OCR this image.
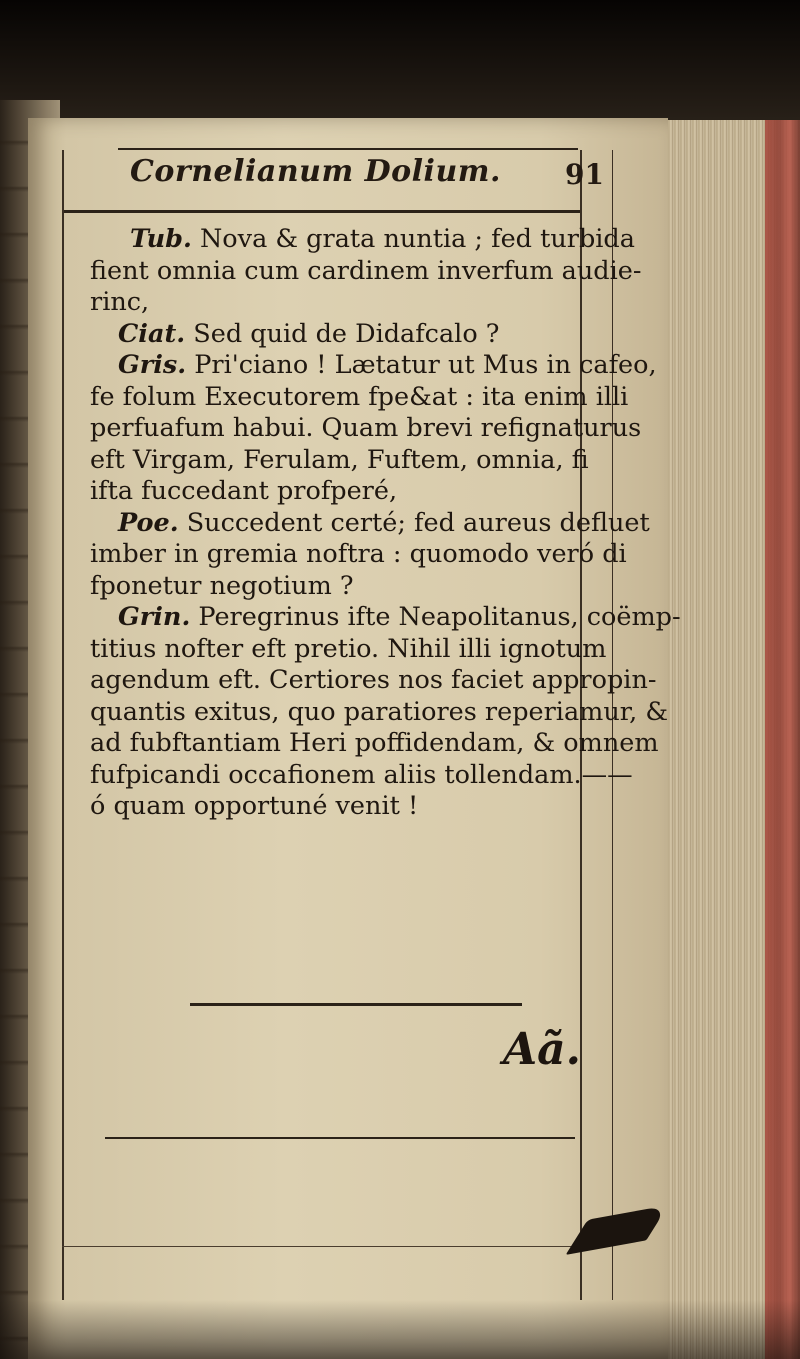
Cornelianum Dolium. 91
Tub. Nova & grata nuntia ; fed turbida
fient omnia cum cardinem inverfum audie-
rinc,
Ciat. Sed quid de Didafcalo ?
Gris. Pri'ciano ! Lætatur ut Mus in cafeo,
fe folum Executorem fpe&at : ita enim illi
perfuafum habui. Quam brevi refignaturus
eft Virgam, Ferulam, Fuftem, omnia, fi
ifta fuccedant profperé,
Poe. Succedent certé; fed aureus defluet
imber in gremia noftra : quomodo veró di
fponetur negotium ?
Grin. Peregrinus ifte Neapolitanus, coëmp-
titius nofter eft pretio. Nihil illi ignotum
agendum eft. Certiores nos faciet appropin-
quantis exitus, quo paratiores reperiamur, &
ad fubftantiam Heri poffidendam, & omnem
fufpicandi occafionem aliis tollendam.——
ó quam opportuné venit !
Aã.
